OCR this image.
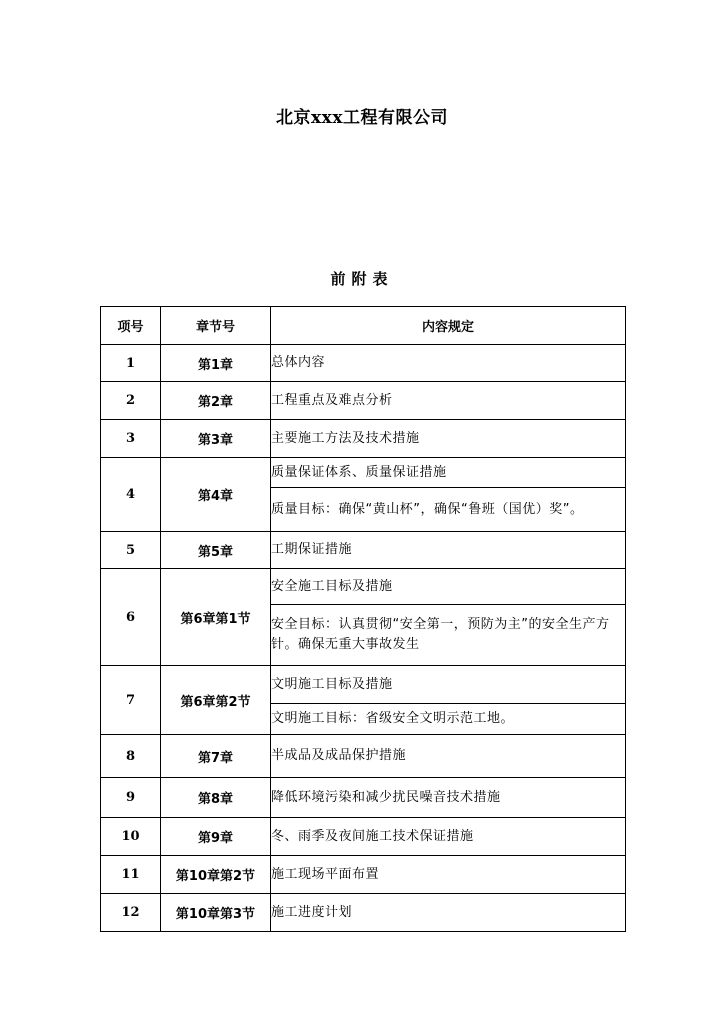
北京xxx工程有限公司
前附表
项号	章节号	内容规定
1	第1章	总体内容
2	第2章	工程重点及难点分析
3	第3章	主要施工方法及技术措施
4	第4章	质量保证体系、质量保证措施
		质量目标：确保“黄山杯”，确保“鲁班（国优）奖”。
5	第5章	工期保证措施
6	第6章第1节	安全施工目标及措施
		安全目标：认真贯彻“安全第一，预防为主”的安全生产方针。确保无重大事故发生
7	第6章第2节	文明施工目标及措施
		文明施工目标：省级安全文明示范工地。
8	第7章	半成品及成品保护措施
9	第8章	降低环境污染和减少扰民噪音技术措施
10	第9章	冬、雨季及夜间施工技术保证措施
11	第10章第2节	施工现场平面布置
12	第10章第3节	施工进度计划
